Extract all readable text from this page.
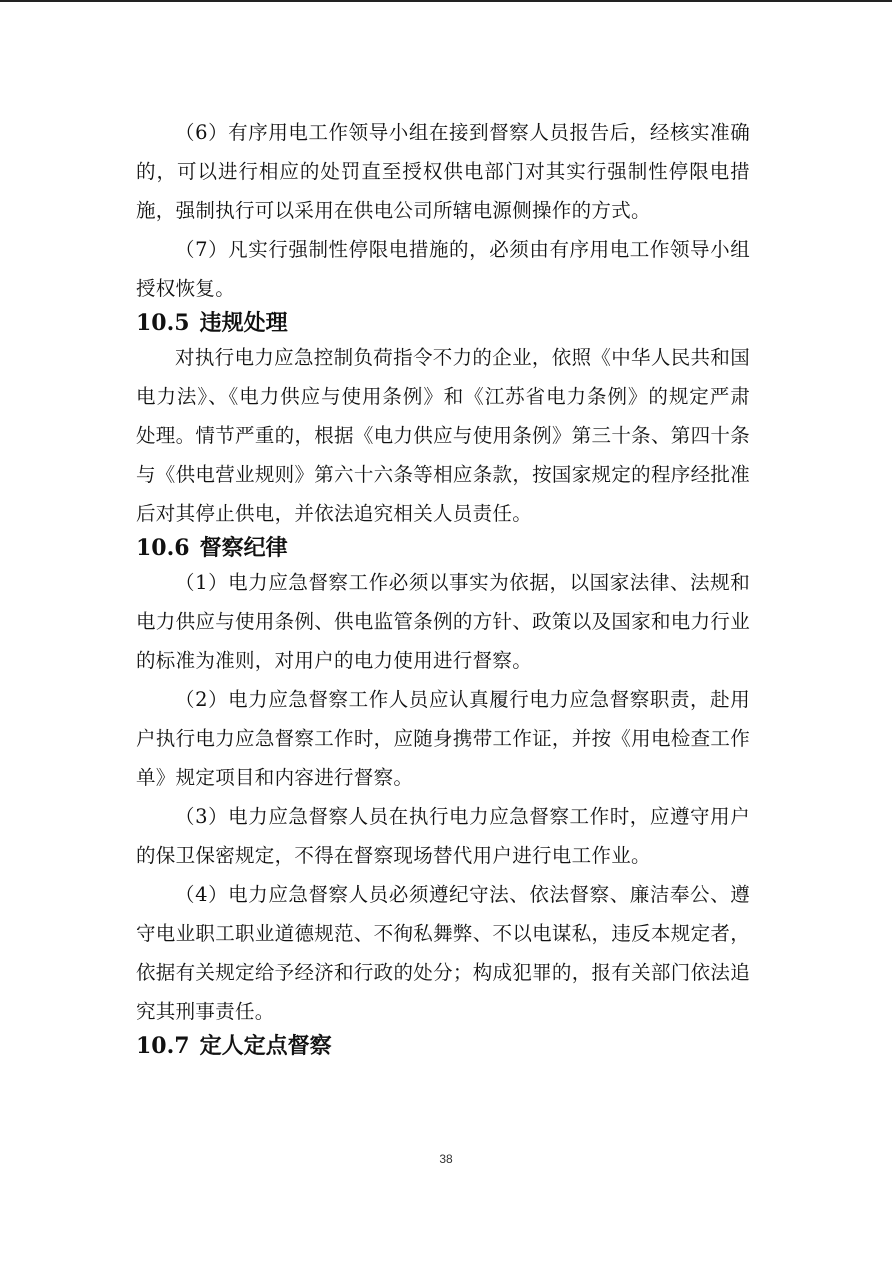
（6）有序用电工作领导小组在接到督察人员报告后，经核实准确的，可以进行相应的处罚直至授权供电部门对其实行强制性停限电措施，强制执行可以采用在供电公司所辖电源侧操作的方式。

（7）凡实行强制性停限电措施的，必须由有序用电工作领导小组授权恢复。

10.5 违规处理

对执行电力应急控制负荷指令不力的企业，依照《中华人民共和国电力法》、《电力供应与使用条例》和《江苏省电力条例》的规定严肃处理。情节严重的，根据《电力供应与使用条例》第三十条、第四十条与《供电营业规则》第六十六条等相应条款，按国家规定的程序经批准后对其停止供电，并依法追究相关人员责任。

10.6 督察纪律

（1）电力应急督察工作必须以事实为依据，以国家法律、法规和电力供应与使用条例、供电监管条例的方针、政策以及国家和电力行业的标准为准则，对用户的电力使用进行督察。

（2）电力应急督察工作人员应认真履行电力应急督察职责，赴用户执行电力应急督察工作时，应随身携带工作证，并按《用电检查工作单》规定项目和内容进行督察。

（3）电力应急督察人员在执行电力应急督察工作时，应遵守用户的保卫保密规定，不得在督察现场替代用户进行电工作业。

（4）电力应急督察人员必须遵纪守法、依法督察、廉洁奉公、遵守电业职工职业道德规范、不徇私舞弊、不以电谋私，违反本规定者，依据有关规定给予经济和行政的处分；构成犯罪的，报有关部门依法追究其刑事责任。

10.7 定人定点督察
38
